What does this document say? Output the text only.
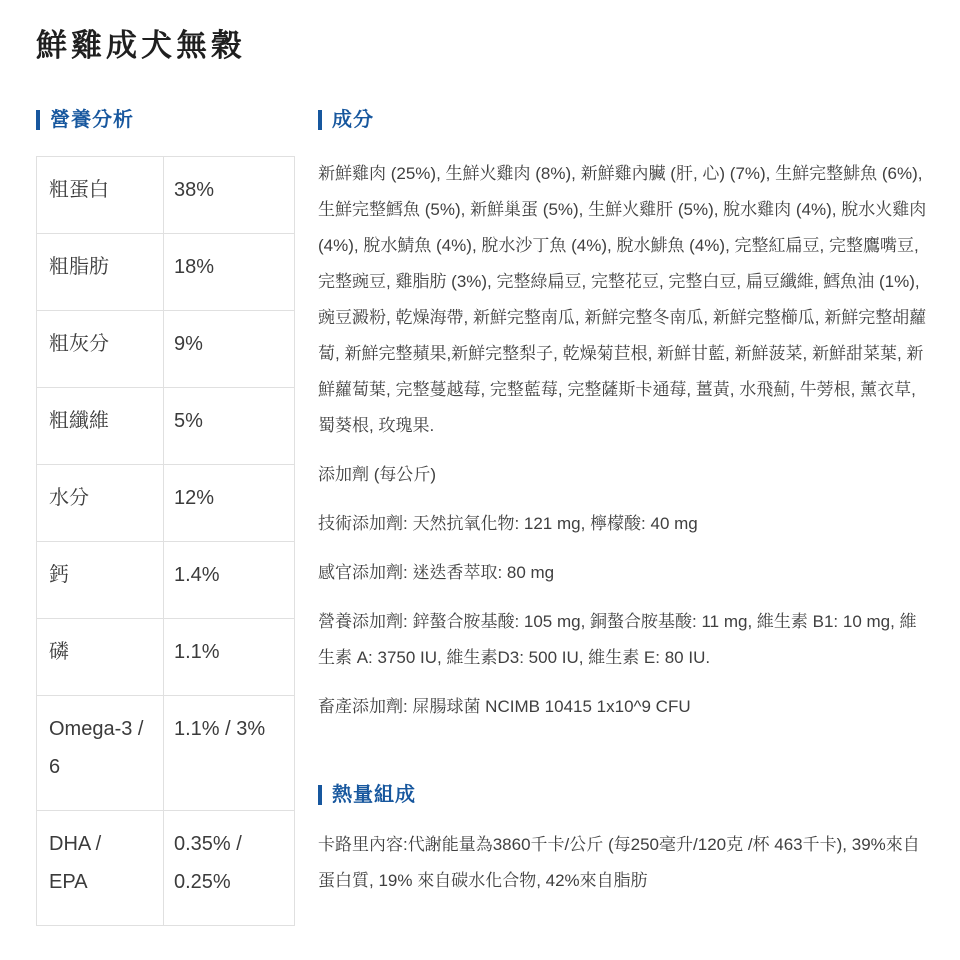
鮮雞成犬無穀
營養分析
粗蛋白	38%
粗脂肪	18%
粗灰分	9%
粗纖維	5%
水分	12%
鈣	1.4%
磷	1.1%
Omega-3 / 6	1.1% / 3%
DHA / EPA	0.35% / 0.25%
成分

新鮮雞肉 (25%), 生鮮火雞肉 (8%), 新鮮雞內臟 (肝, 心) (7%), 生鮮完整鯡魚 (6%), 生鮮完整鱈魚 (5%), 新鮮巢蛋 (5%), 生鮮火雞肝 (5%), 脫水雞肉 (4%), 脫水火雞肉 (4%), 脫水鯖魚 (4%), 脫水沙丁魚 (4%), 脫水鯡魚 (4%), 完整紅扁豆, 完整鷹嘴豆, 完整豌豆, 雞脂肪 (3%), 完整綠扁豆, 完整花豆, 完整白豆, 扁豆纖維, 鱈魚油 (1%), 豌豆澱粉, 乾燥海帶, 新鮮完整南瓜, 新鮮完整冬南瓜, 新鮮完整櫛瓜, 新鮮完整胡蘿蔔, 新鮮完整蘋果,新鮮完整梨子, 乾燥菊苣根, 新鮮甘藍, 新鮮菠菜, 新鮮甜菜葉, 新鮮蘿蔔葉, 完整蔓越莓, 完整藍莓, 完整薩斯卡通莓, 薑黃, 水飛薊, 牛蒡根, 薰衣草, 蜀葵根, 玫瑰果.

添加劑 (每公斤)

技術添加劑: 天然抗氧化物: 121 mg, 檸檬酸: 40 mg

感官添加劑: 迷迭香萃取: 80 mg

營養添加劑: 鋅螯合胺基酸: 105 mg, 銅螯合胺基酸: 11 mg, 維生素 B1: 10 mg, 維生素 A: 3750 IU, 維生素D3: 500 IU, 維生素 E: 80 IU.

畜產添加劑: 屎腸球菌 NCIMB 10415 1x10^9 CFU

熱量組成

卡路里內容:代謝能量為3860千卡/公斤 (每250毫升/120克 /杯 463千卡), 39%來自蛋白質, 19% 來自碳水化合物, 42%來自脂肪
